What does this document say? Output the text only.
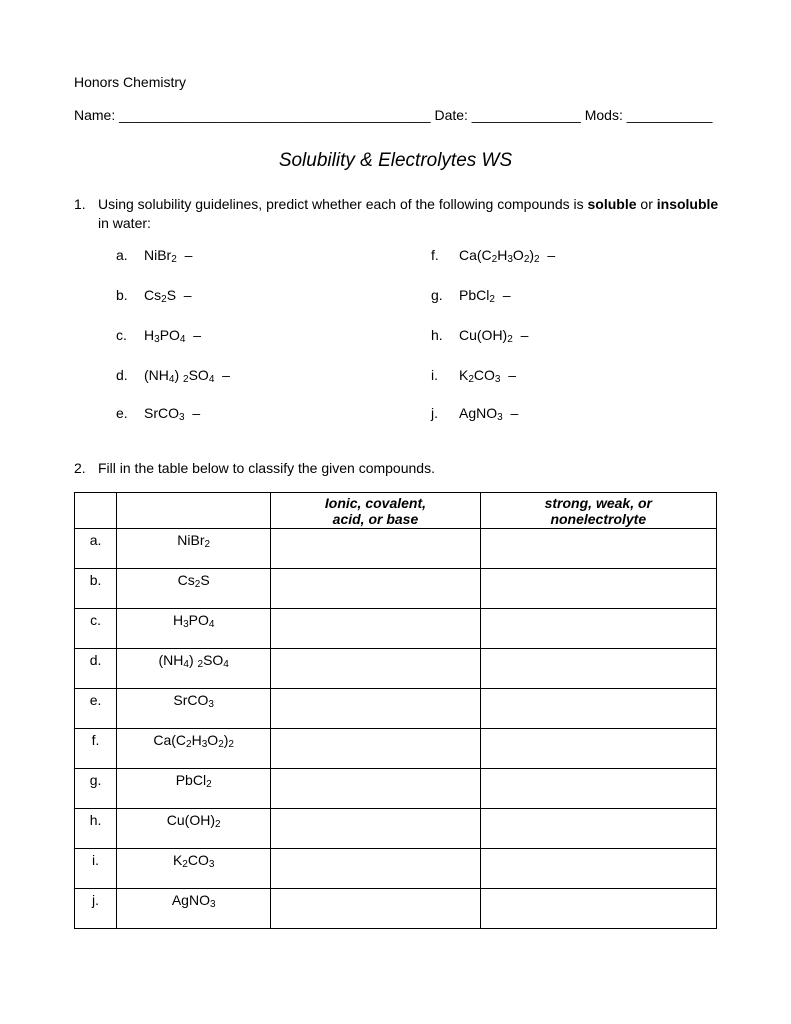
Honors Chemistry
Name: ________________________________________ Date: ______________ Mods: ___________
Solubility & Electrolytes WS
1. Using solubility guidelines, predict whether each of the following compounds is soluble or insoluble in water:
a. NiBr$_2$  –
b. $Cs_2S$  –
c. $H_3PO_4$  –
d. $(NH_4)$ $_2SO_4$  –
e. SrCO$_3$  –
f. $Ca(C_2H_3O_2)_2$  –
g. PbCl$_2$  –
h. $Cu(OH)_2$  –
i. $K_2CO_3$  –
j. AgNO$_3$  –
2. Fill in the table below to classify the given compounds.
		Ionic, covalent, acid, or base	strong, weak, or nonelectrolyte
a.	NiBr$_2$		
b.	$Cs_2S$		
c.	$H_3PO_4$		
d.	$(NH_4)$ $_2SO_4$		
e.	SrCO$_3$		
f.	$Ca(C_2H_3O_2)_2$		
g.	PbCl$_2$		
h.	$Cu(OH)_2$		
i.	$K_2CO_3$		
j.	AgNO$_3$		
